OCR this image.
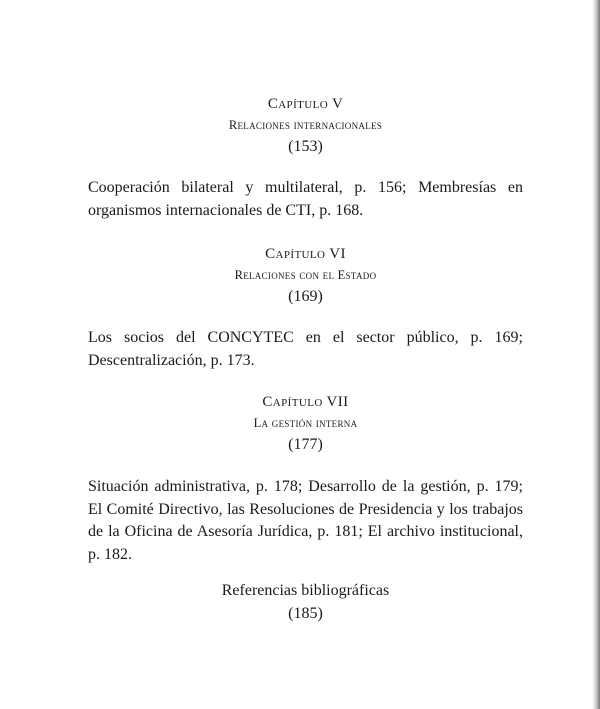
Capítulo V
Relaciones internacionales
(153)

Cooperación bilateral y multilateral, p. 156; Membresías en organismos internacionales de CTI, p. 168.

Capítulo VI
Relaciones con el Estado
(169)

Los socios del CONCYTEC en el sector público, p. 169; Descentralización, p. 173.

Capítulo VII
La gestión interna
(177)

Situación administrativa, p. 178; Desarrollo de la gestión, p. 179; El Comité Directivo, las Resoluciones de Presidencia y los trabajos de la Oficina de Asesoría Jurídica, p. 181; El archivo institucional, p. 182.

Referencias bibliográficas
(185)
